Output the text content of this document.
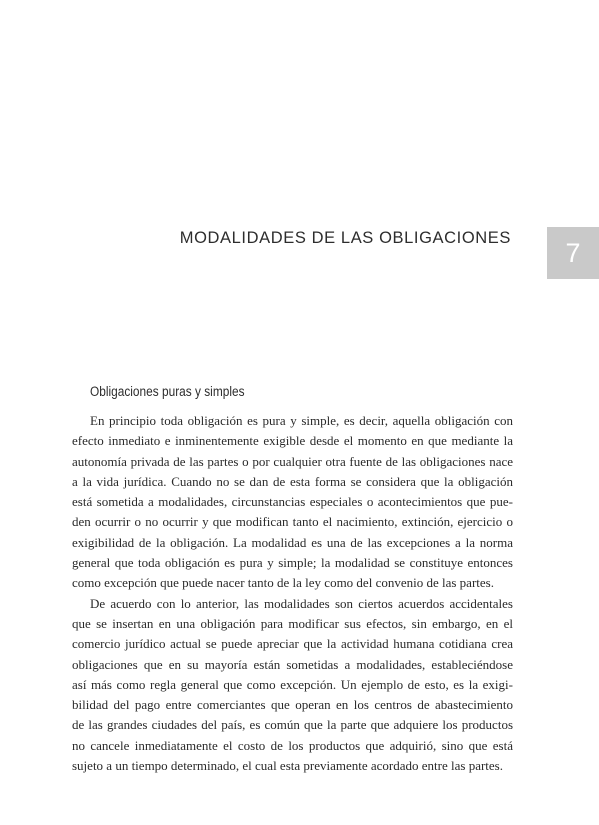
MODALIDADES DE LAS OBLIGACIONES 7
Obligaciones puras y simples
En principio toda obligación es pura y simple, es decir, aquella obligación con
efecto inmediato e inminentemente exigible desde el momento en que mediante la
autonomía privada de las partes o por cualquier otra fuente de las obligaciones nace
a la vida jurídica. Cuando no se dan de esta forma se considera que la obligación
está sometida a modalidades, circunstancias especiales o acontecimientos que pue-
den ocurrir o no ocurrir y que modifican tanto el nacimiento, extinción, ejercicio o
exigibilidad de la obligación. La modalidad es una de las excepciones a la norma
general que toda obligación es pura y simple; la modalidad se constituye entonces
como excepción que puede nacer tanto de la ley como del convenio de las partes.
De acuerdo con lo anterior, las modalidades son ciertos acuerdos accidentales
que se insertan en una obligación para modificar sus efectos, sin embargo, en el
comercio jurídico actual se puede apreciar que la actividad humana cotidiana crea
obligaciones que en su mayoría están sometidas a modalidades, estableciéndose
así más como regla general que como excepción. Un ejemplo de esto, es la exigi-
bilidad del pago entre comerciantes que operan en los centros de abastecimiento
de las grandes ciudades del país, es común que la parte que adquiere los productos
no cancele inmediatamente el costo de los productos que adquirió, sino que está
sujeto a un tiempo determinado, el cual esta previamente acordado entre las partes.
